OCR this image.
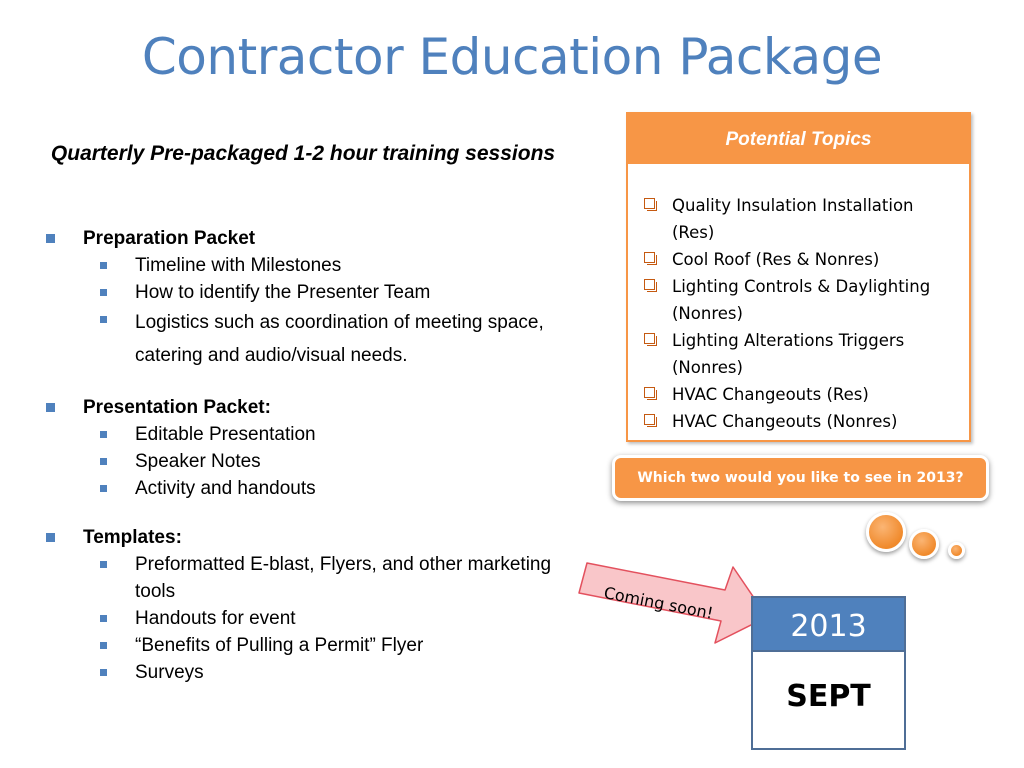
Contractor Education Package
Quarterly Pre-packaged 1-2 hour training sessions
Preparation Packet
Timeline with Milestones
How to identify the Presenter Team
Logistics such as coordination of meeting space, catering and audio/visual needs.
Presentation Packet:
Editable Presentation
Speaker Notes
Activity and handouts
Templates:
Preformatted E-blast, Flyers, and other marketing tools
Handouts for event
“Benefits of Pulling a Permit” Flyer
Surveys
Potential Topics
Quality Insulation Installation (Res)
Cool Roof (Res & Nonres)
Lighting Controls & Daylighting (Nonres)
Lighting Alterations Triggers (Nonres)
HVAC Changeouts (Res)
HVAC Changeouts (Nonres)
Which two would you like to see in 2013?
Coming soon!
2013
SEPT
